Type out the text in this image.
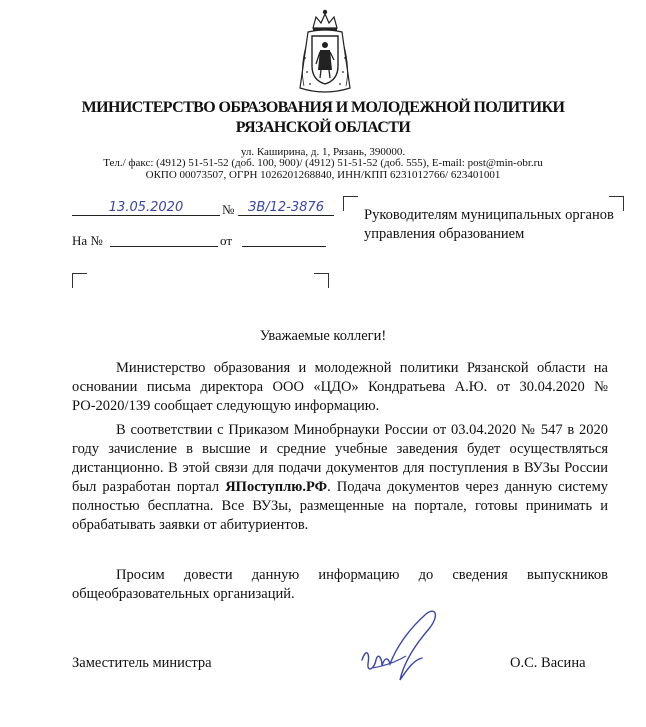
МИНИСТЕРСТВО ОБРАЗОВАНИЯ И МОЛОДЕЖНОЙ ПОЛИТИКИ
РЯЗАНСКОЙ ОБЛАСТИ
ул. Каширина, д. 1, Рязань, 390000.
Тел./ факс: (4912) 51-51-52 (доб. 100, 900)/ (4912) 51-51-52 (доб. 555), E-mail: post@min-obr.ru
ОКПО 00073507, ОГРН 1026201268840, ИНН/КПП 6231012766/ 623401001
13.05.2020	№	ЗВ/12-3876
На №	от
Руководителям муниципальных органов управления образованием
Уважаемые коллеги!
Министерство образования и молодежной политики Рязанской области на основании письма директора ООО «ЦДО» Кондратьева А.Ю. от 30.04.2020 № РО-2020/139 сообщает следующую информацию.
В соответствии с Приказом Минобрнауки России от 03.04.2020 № 547 в 2020 году зачисление в высшие и средние учебные заведения будет осуществляться дистанционно. В этой связи для подачи документов для поступления в ВУЗы России был разработан портал ЯПоступлю.РФ. Подача документов через данную систему полностью бесплатна. Все ВУЗы, размещенные на портале, готовы принимать и обрабатывать заявки от абитуриентов.
Просим довести данную информацию до сведения выпускников общеобразовательных организаций.
Заместитель министра	О.С. Васина
